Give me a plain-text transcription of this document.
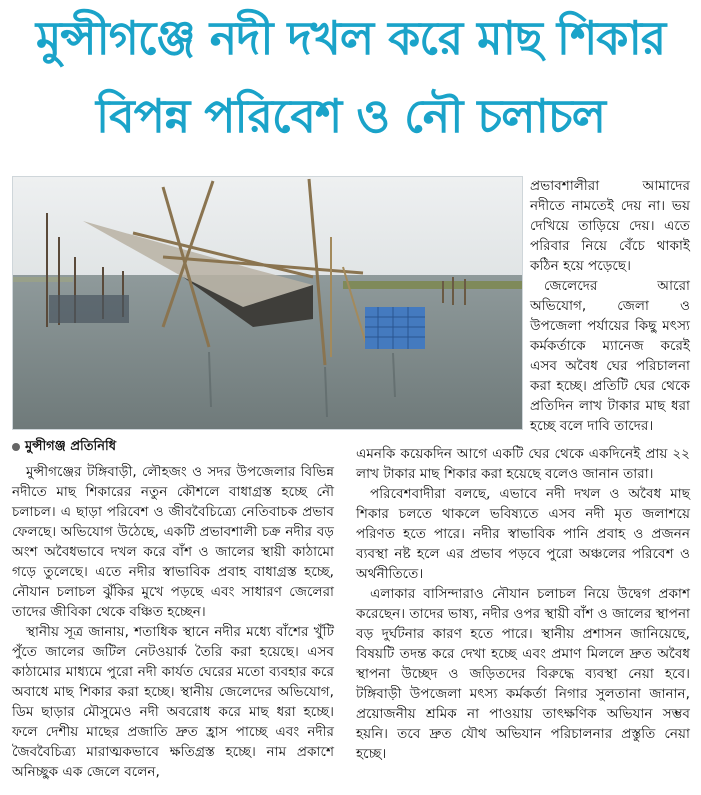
মুন্সীগঞ্জে নদী দখল করে মাছ শিকার
বিপন্ন পরিবেশ ও নৌ চলাচল

প্রভাবশালীরা আমাদের নদীতে নামতেই দেয় না। ভয় দেখিয়ে তাড়িয়ে দেয়। এতে পরিবার নিয়ে বেঁচে থাকাই কঠিন হয়ে পড়েছে।

জেলেদের আরো অভিযোগ, জেলা ও উপজেলা পর্যায়ের কিছু মৎস্য কর্মকর্তাকে ম্যানেজ করেই এসব অবৈধ ঘের পরিচালনা করা হচ্ছে। প্রতিটি ঘের থেকে প্রতিদিন লাখ টাকার মাছ ধরা হচ্ছে বলে দাবি তাদের।

মুন্সীগঞ্জ প্রতিনিধি

মুন্সীগঞ্জের টঙ্গিবাড়ী, লৌহজং ও সদর উপজেলার বিভিন্ন নদীতে মাছ শিকারের নতুন কৌশলে বাধাগ্রস্ত হচ্ছে নৌ চলাচল। এ ছাড়া পরিবেশ ও জীববৈচিত্র্যে নেতিবাচক প্রভাব ফেলছে। অভিযোগ উঠেছে, একটি প্রভাবশালী চক্র নদীর বড় অংশ অবৈধভাবে দখল করে বাঁশ ও জালের স্থায়ী কাঠামো গড়ে তুলেছে। এতে নদীর স্বাভাবিক প্রবাহ বাধাগ্রস্ত হচ্ছে, নৌযান চলাচল ঝুঁকির মুখে পড়ছে এবং সাধারণ জেলেরা তাদের জীবিকা থেকে বঞ্চিত হচ্ছেন।

স্থানীয় সূত্র জানায়, শতাধিক স্থানে নদীর মধ্যে বাঁশের খুঁটি পুঁতে জালের জটিল নেটওয়ার্ক তৈরি করা হয়েছে। এসব কাঠামোর মাধ্যমে পুরো নদী কার্যত ঘেরের মতো ব্যবহার করে অবাধে মাছ শিকার করা হচ্ছে। স্থানীয় জেলেদের অভিযোগ, ডিম ছাড়ার মৌসুমেও নদী অবরোধ করে মাছ ধরা হচ্ছে। ফলে দেশীয় মাছের প্রজাতি দ্রুত হ্রাস পাচ্ছে এবং নদীর জৈববৈচিত্র্য মারাত্মকভাবে ক্ষতিগ্রস্ত হচ্ছে। নাম প্রকাশে অনিচ্ছুক এক জেলে বলেন,

এমনকি কয়েকদিন আগে একটি ঘের থেকে একদিনেই প্রায় ২২ লাখ টাকার মাছ শিকার করা হয়েছে বলেও জানান তারা।

পরিবেশবাদীরা বলছে, এভাবে নদী দখল ও অবৈধ মাছ শিকার চলতে থাকলে ভবিষ্যতে এসব নদী মৃত জলাশয়ে পরিণত হতে পারে। নদীর স্বাভাবিক পানি প্রবাহ ও প্রজনন ব্যবস্থা নষ্ট হলে এর প্রভাব পড়বে পুরো অঞ্চলের পরিবেশ ও অর্থনীতিতে।

এলাকার বাসিন্দারাও নৌযান চলাচল নিয়ে উদ্বেগ প্রকাশ করেছেন। তাদের ভাষ্য, নদীর ওপর স্থায়ী বাঁশ ও জালের স্থাপনা বড় দুর্ঘটনার কারণ হতে পারে। স্থানীয় প্রশাসন জানিয়েছে, বিষয়টি তদন্ত করে দেখা হচ্ছে এবং প্রমাণ মিললে দ্রুত অবৈধ স্থাপনা উচ্ছেদ ও জড়িতদের বিরুদ্ধে ব্যবস্থা নেয়া হবে। টঙ্গিবাড়ী উপজেলা মৎস্য কর্মকর্তা নিগার সুলতানা জানান, প্রয়োজনীয় শ্রমিক না পাওয়ায় তাৎক্ষণিক অভিযান সম্ভব হয়নি। তবে দ্রুত যৌথ অভিযান পরিচালনার প্রস্তুতি নেয়া হচ্ছে।
